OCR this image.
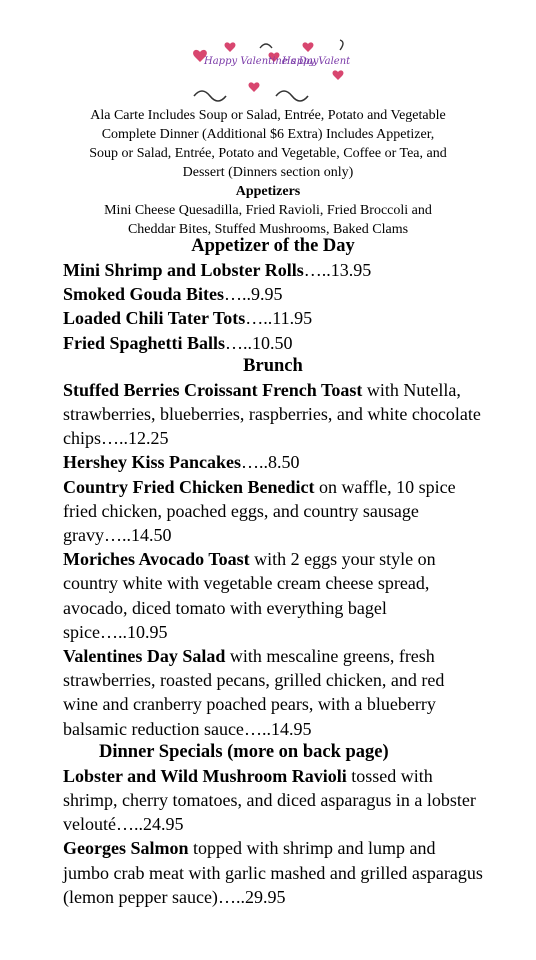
Happy Valentine's Day
Happy Valent

Ala Carte Includes Soup or Salad, Entrée, Potato and Vegetable

Complete Dinner (Additional $6 Extra) Includes Appetizer,

Soup or Salad, Entrée, Potato and Vegetable, Coffee or Tea, and

Dessert (Dinners section only)

Appetizers

Mini Cheese Quesadilla, Fried Ravioli, Fried Broccoli and

Cheddar Bites, Stuffed Mushrooms, Baked Clams

Appetizer of the Day

Mini Shrimp and Lobster Rolls…..13.95

Smoked Gouda Bites…..9.95

Loaded Chili Tater Tots…..11.95

Fried Spaghetti Balls…..10.50

Brunch

Stuffed Berries Croissant French Toast with Nutella, strawberries, blueberries, raspberries, and white chocolate chips…..12.25

Hershey Kiss Pancakes…..8.50

Country Fried Chicken Benedict on waffle, 10 spice fried chicken, poached eggs, and country sausage gravy…..14.50

Moriches Avocado Toast with 2 eggs your style on country white with vegetable cream cheese spread, avocado, diced tomato with everything bagel spice…..10.95

Valentines Day Salad with mescaline greens, fresh strawberries, roasted pecans, grilled chicken, and red wine and cranberry poached pears, with a blueberry balsamic reduction sauce…..14.95

Dinner Specials (more on back page)

Lobster and Wild Mushroom Ravioli tossed with shrimp, cherry tomatoes, and diced asparagus in a lobster velouté…..24.95

Georges Salmon topped with shrimp and lump and jumbo crab meat with garlic mashed and grilled asparagus (lemon pepper sauce)…..29.95
